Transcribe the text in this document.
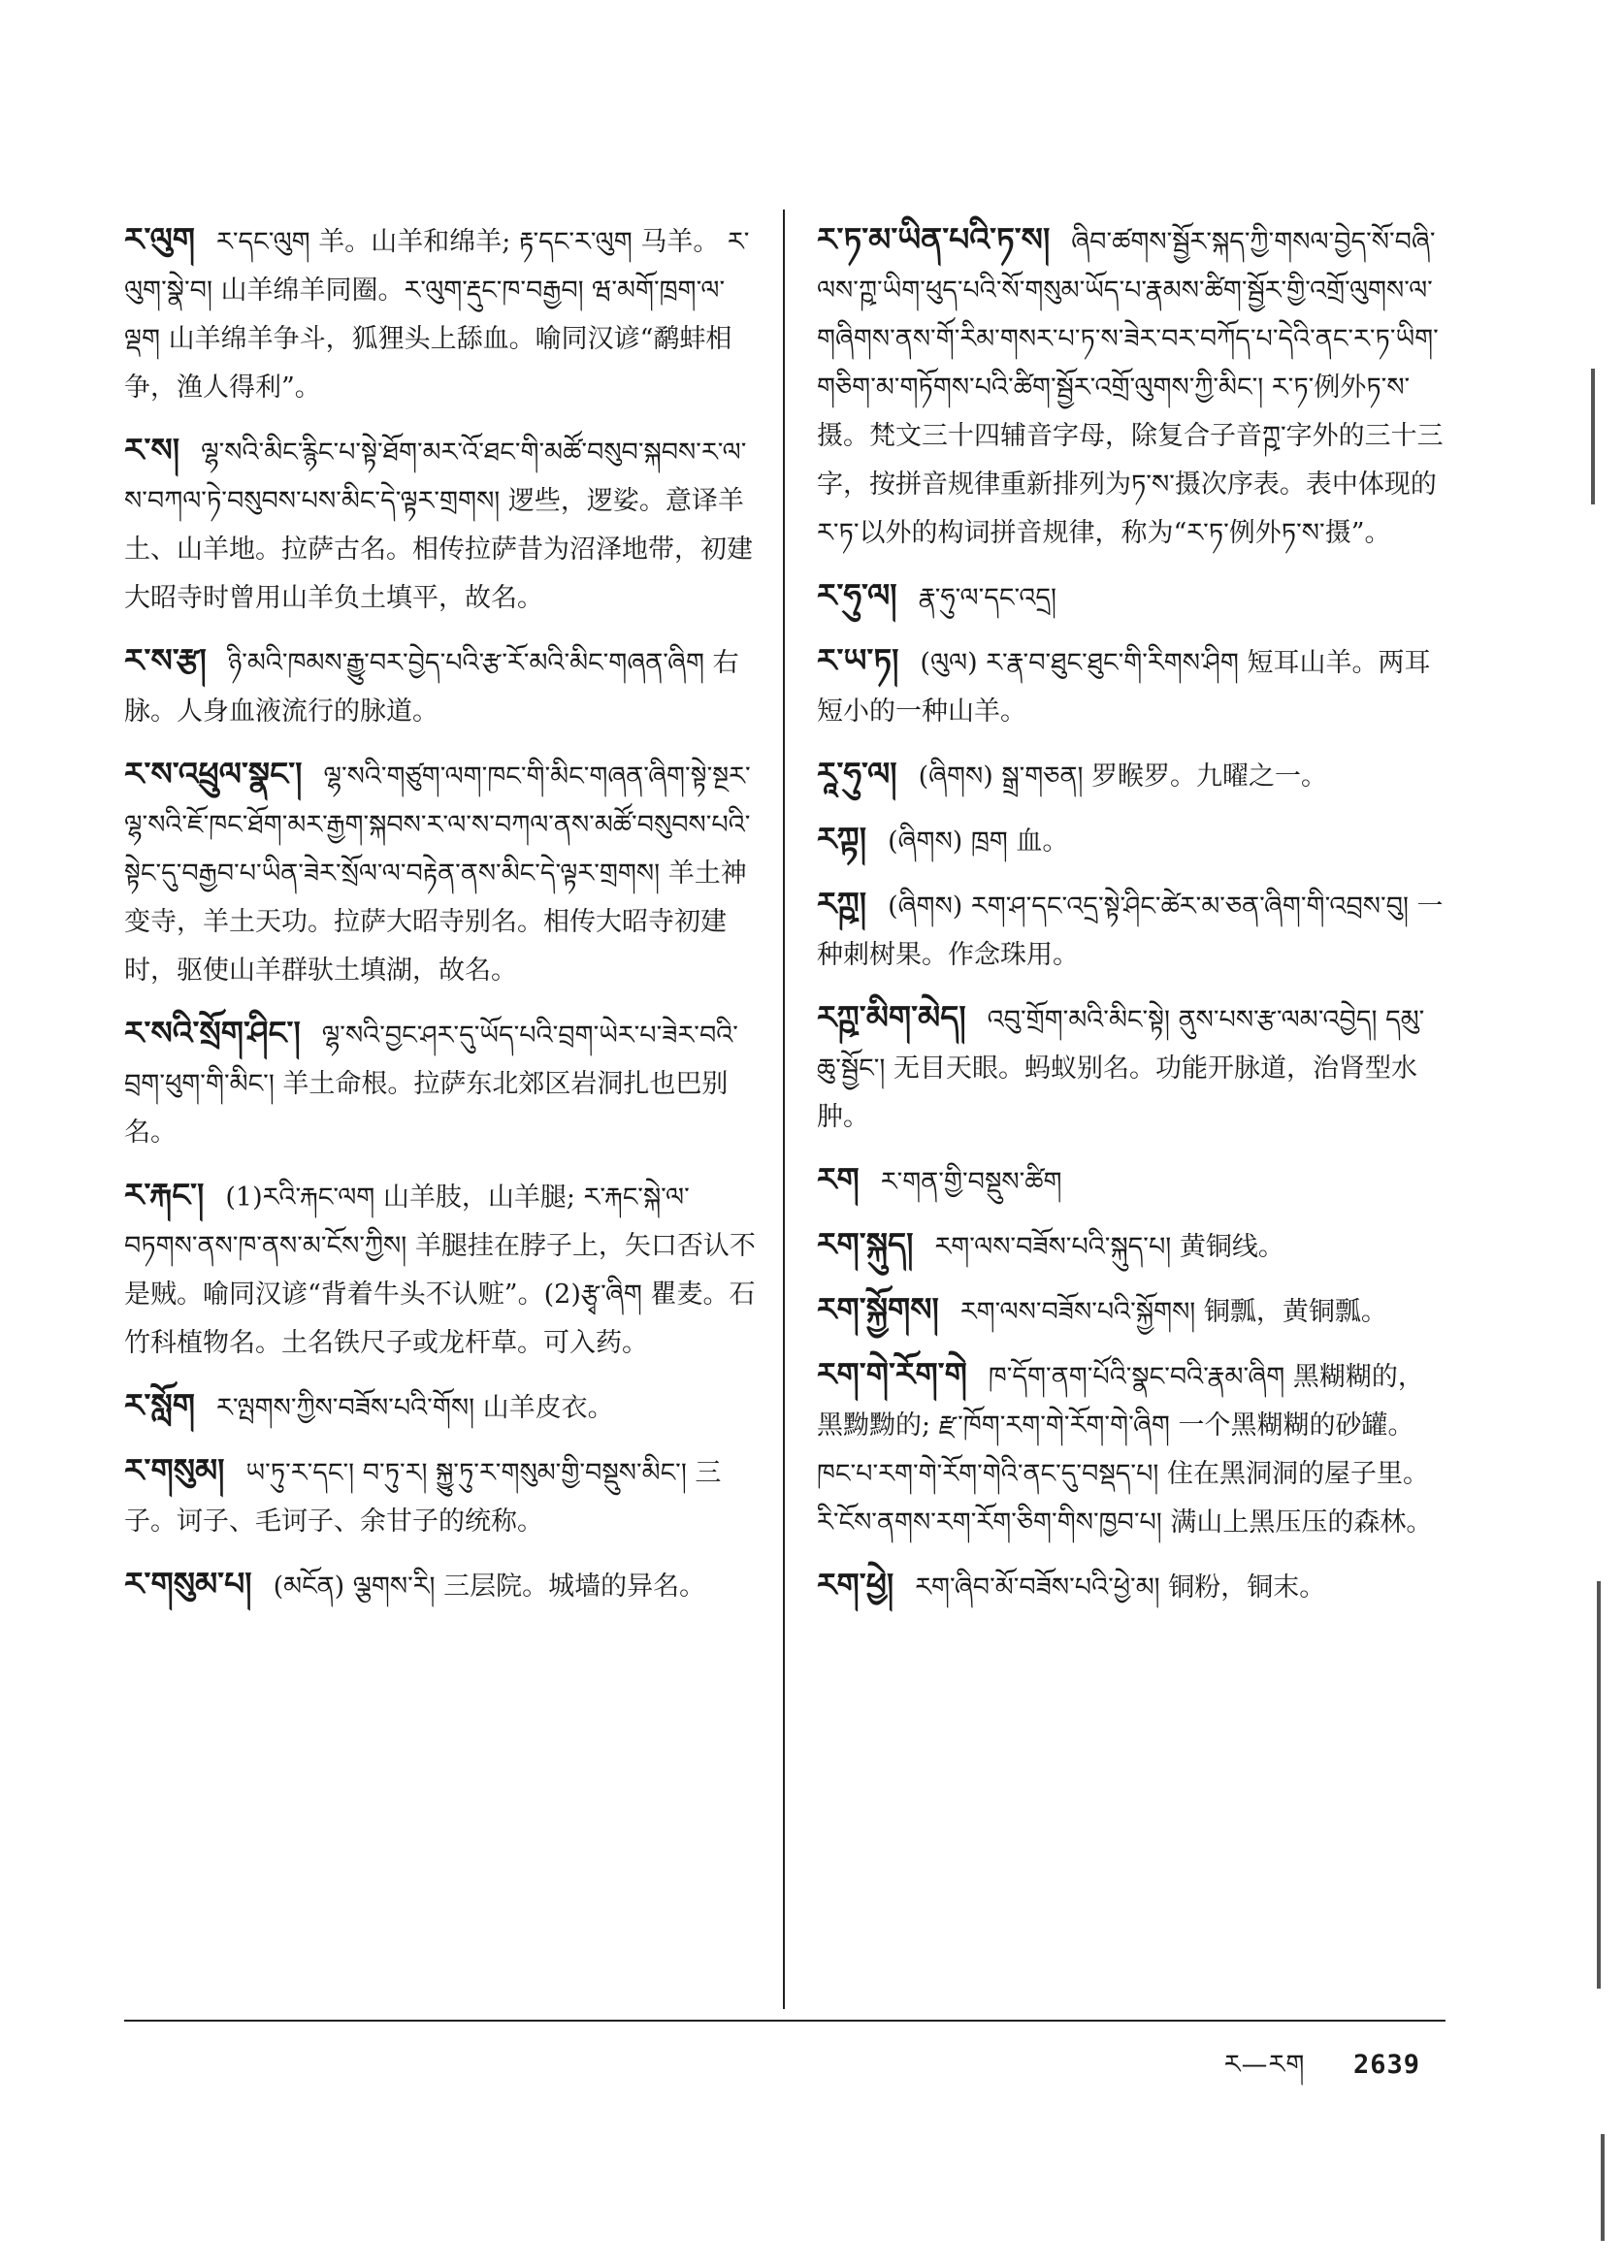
ར་ལུག ར་དང་ལུག 羊。山羊和绵羊; རྟ་དང་ར་ལུག 马羊。 ར་ལུག་སྣེ་བ། 山羊绵羊同圈。ར་ལུག་རྡུང་ཁ་བརྒྱབ། ཝ་མགོ་ཁྲག་ལ་ལྡག 山羊绵羊争斗，狐狸头上舔血。喻同汉谚“鹬蚌相争，渔人得利”。
ར་ས། ལྷ་སའི་མིང་རྙིང་པ་སྟེ་ཐོག་མར་འོ་ཐང་གི་མཚོ་བསུབ་སྐབས་ར་ལ་ས་བཀལ་ཏེ་བསུབས་པས་མིང་དེ་ལྟར་གྲགས། 逻些，逻娑。意译羊土、山羊地。拉萨古名。相传拉萨昔为沼泽地带，初建大昭寺时曾用山羊负土填平，故名。
ར་ས་རྩ། ཉི་མའི་ཁམས་རྒྱུ་བར་བྱེད་པའི་རྩ་རོ་མའི་མིང་གཞན་ཞིག 右脉。人身血液流行的脉道。
ར་ས་འཕྲུལ་སྣང་། ལྷ་སའི་གཙུག་ལག་ཁང་གི་མིང་གཞན་ཞིག་སྟེ་སྔར་ལྷ་སའི་ཇོ་ཁང་ཐོག་མར་རྒྱག་སྐབས་ར་ལ་ས་བཀལ་ནས་མཚོ་བསུབས་པའི་སྟེང་དུ་བརྒྱབ་པ་ཡིན་ཟེར་སྲོལ་ལ་བརྟེན་ནས་མིང་དེ་ལྟར་གྲགས། 羊土神变寺，羊土天功。拉萨大昭寺别名。相传大昭寺初建时，驱使山羊群驮土填湖，故名。
ར་སའི་སྲོག་ཤིང་། ལྷ་སའི་བྱང་ཤར་དུ་ཡོད་པའི་བྲག་ཡེར་པ་ཟེར་བའི་བྲག་ཕུག་གི་མིང་། 羊土命根。拉萨东北郊区岩洞扎也巴别名。
ར་རྐང་། (1)རའི་རྐང་ལག 山羊肢，山羊腿; ར་རྐང་སྐེ་ལ་བཏགས་ནས་ཁ་ནས་མ་ངོས་ཀྱིས། 羊腿挂在脖子上，矢口否认不是贼。喻同汉谚“背着牛头不认赃”。(2)རྩྭ་ཞིག 瞿麦。石竹科植物名。土名铁尺子或龙杆草。可入药。
ར་སློག ར་ལྤགས་ཀྱིས་བཟོས་པའི་གོས། 山羊皮衣。
ར་གསུམ། ཡ་ཏུ་ར་དང་། བ་ཏུ་ར། སྐྱུ་ཏུ་ར་གསུམ་གྱི་བསྡུས་མིང་། 三子。诃子、毛诃子、余甘子的统称。
ར་གསུམ་པ། (མངོན) ལྕགས་རི། 三层院。城墙的异名。
ར་ཏ་མ་ཡིན་པའི་ཏ་ས། ཞིབ་ཚགས་སྦྱོར་སྐད་ཀྱི་གསལ་བྱེད་སོ་བཞི་ལས་ཀྵ་ཡིག་ཕུད་པའི་སོ་གསུམ་ཡོད་པ་རྣམས་ཚིག་སྦྱོར་གྱི་འགྲོ་ལུགས་ལ་གཞིགས་ནས་གོ་རིམ་གསར་པ་ཏ་ས་ཟེར་བར་བཀོད་པ་དེའི་ནང་ར་ཏ་ཡིག་གཅིག་མ་གཏོགས་པའི་ཚིག་སྦྱོར་འགྲོ་ལུགས་ཀྱི་མིང་། ར་ཏ་例外ཏ་ས་摄。梵文三十四辅音字母，除复合子音ཀྵ་字外的三十三字，按拼音规律重新排列为ཏ་ས་摄次序表。表中体现的ར་ཏ་以外的构词拼音规律，称为“ར་ཏ་例外ཏ་ས་摄”。
ར་ཧུ་ལ། རྣ་ཧུ་ལ་དང་འདྲ།
ར་ཡ་ཏ། (ལུལ) ར་རྣ་བ་ཐུང་ཐུང་གི་རིགས་ཤིག 短耳山羊。两耳短小的一种山羊。
རཱ་ཧུ་ལ། (ཞིགས) སྒྲ་གཅན། 罗睺罗。九曜之一。
རཀྟ། (ཞིགས) ཁྲག 血。
རཀྵ། (ཞིགས) རག་ཤ་དང་འདྲ་སྟེ་ཤིང་ཚེར་མ་ཅན་ཞིག་གི་འབྲས་བུ། 一种刺树果。作念珠用。
རཀྵ་མིག་མེད། འབུ་གྲོག་མའི་མིང་སྟེ། ནུས་པས་རྩ་ལམ་འབྱེད། དམུ་ཆུ་སྦྱོང་། 无目天眼。蚂蚁别名。功能开脉道，治肾型水肿。
རག ར་གན་གྱི་བསྡུས་ཚིག
རག་སྐུད། རག་ལས་བཟོས་པའི་སྐུད་པ། 黄铜线。
རག་སྐྱོགས། རག་ལས་བཟོས་པའི་སྐྱོགས། 铜瓢，黄铜瓢。
རག་གེ་རོག་གེ ཁ་དོག་ནག་པོའི་སྣང་བའི་རྣམ་ཞིག 黑糊糊的，黑黝黝的; རྫ་ཁོག་རག་གེ་རོག་གེ་ཞིག 一个黑糊糊的砂罐。 ཁང་པ་རག་གེ་རོག་གེའི་ནང་དུ་བསྡད་པ། 住在黑洞洞的屋子里。 རི་ངོས་ནགས་རག་རོག་ཅིག་གིས་ཁྱབ་པ། 满山上黑压压的森林。
རག་ཕྱེ། རག་ཞིབ་མོ་བཟོས་པའི་ཕྱེ་མ། 铜粉，铜末。
ར—རག 2639
